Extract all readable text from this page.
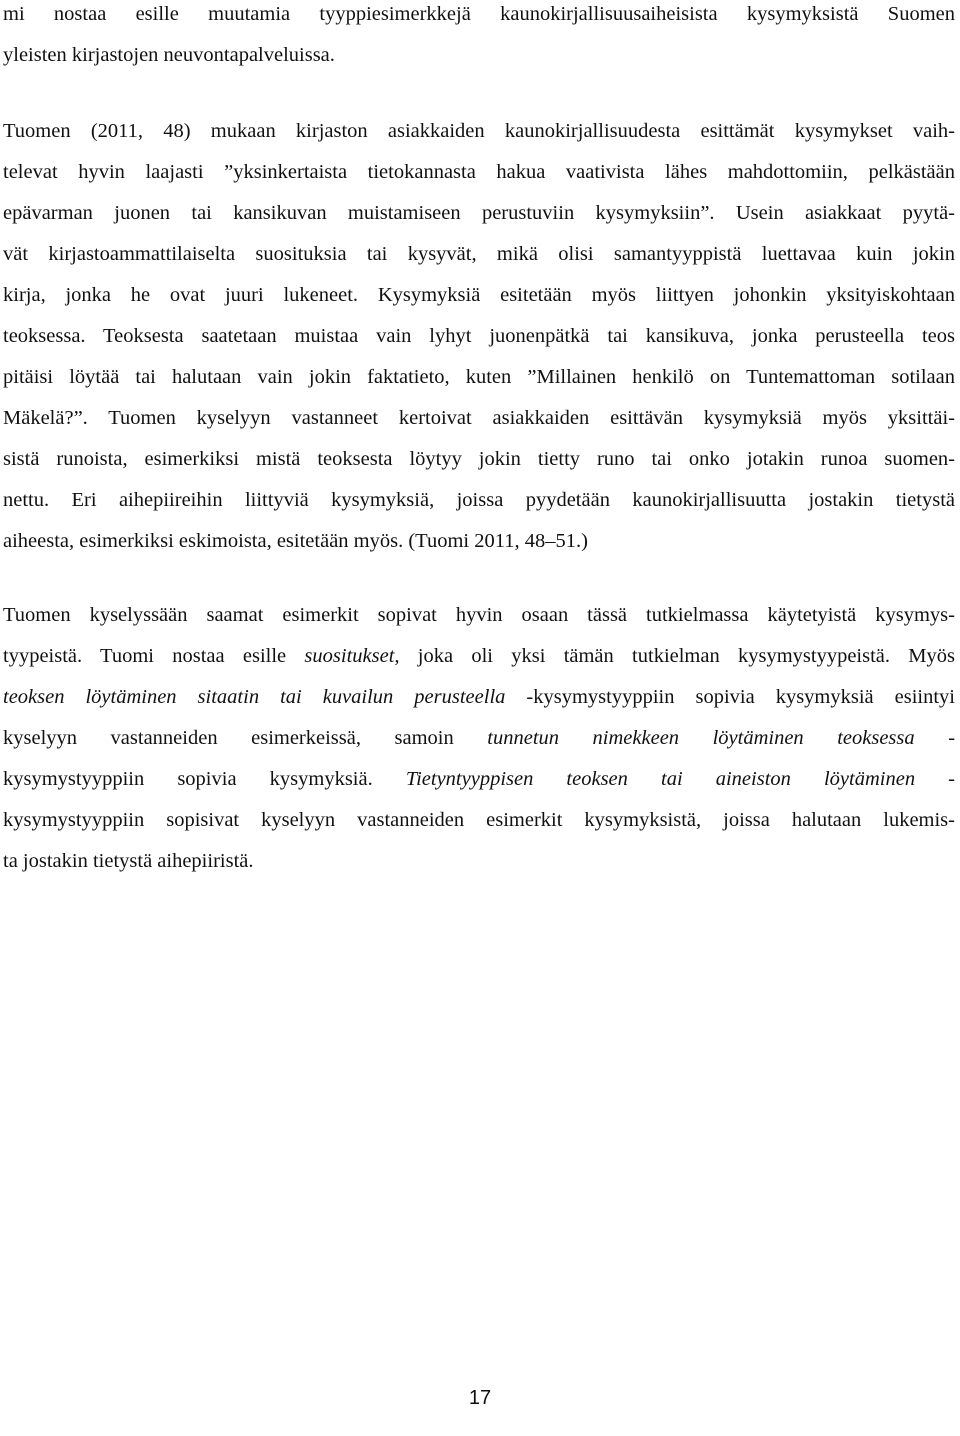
mi nostaa esille muutamia tyyppiesimerkkejä kaunokirjallisuusaiheisista kysymyksistä Suomen
yleisten kirjastojen neuvontapalveluissa.

Tuomen (2011, 48) mukaan kirjaston asiakkaiden kaunokirjallisuudesta esittämät kysymykset vaih-
televat hyvin laajasti ”yksinkertaista tietokannasta hakua vaativista lähes mahdottomiin, pelkästään
epävarman juonen tai kansikuvan muistamiseen perustuviin kysymyksiin”. Usein asiakkaat pyytä-
vät kirjastoammattilaiselta suosituksia tai kysyvät, mikä olisi samantyyppistä luettavaa kuin jokin
kirja, jonka he ovat juuri lukeneet. Kysymyksiä esitetään myös liittyen johonkin yksityiskohtaan
teoksessa. Teoksesta saatetaan muistaa vain lyhyt juonenpätkä tai kansikuva, jonka perusteella teos
pitäisi löytää tai halutaan vain jokin faktatieto, kuten ”Millainen henkilö on Tuntemattoman sotilaan
Mäkelä?”. Tuomen kyselyyn vastanneet kertoivat asiakkaiden esittävän kysymyksiä myös yksittäi-
sistä runoista, esimerkiksi mistä teoksesta löytyy jokin tietty runo tai onko jotakin runoa suomen-
nettu. Eri aihepiireihin liittyviä kysymyksiä, joissa pyydetään kaunokirjallisuutta jostakin tietystä
aiheesta, esimerkiksi eskimoista, esitetään myös. (Tuomi 2011, 48–51.)

Tuomen kyselyssään saamat esimerkit sopivat hyvin osaan tässä tutkielmassa käytetyistä kysymys-
tyypeistä. Tuomi nostaa esille suositukset, joka oli yksi tämän tutkielman kysymystyypeistä. Myös
teoksen löytäminen sitaatin tai kuvailun perusteella -kysymystyyppiin sopivia kysymyksiä esiintyi
kyselyyn vastanneiden esimerkeissä, samoin tunnetun nimekkeen löytäminen teoksessa -
kysymystyyppiin sopivia kysymyksiä. Tietyntyyppisen teoksen tai aineiston löytäminen -
kysymystyyppiin sopisivat kyselyyn vastanneiden esimerkit kysymyksistä, joissa halutaan lukemis-
ta jostakin tietystä aihepiiristä.

17
